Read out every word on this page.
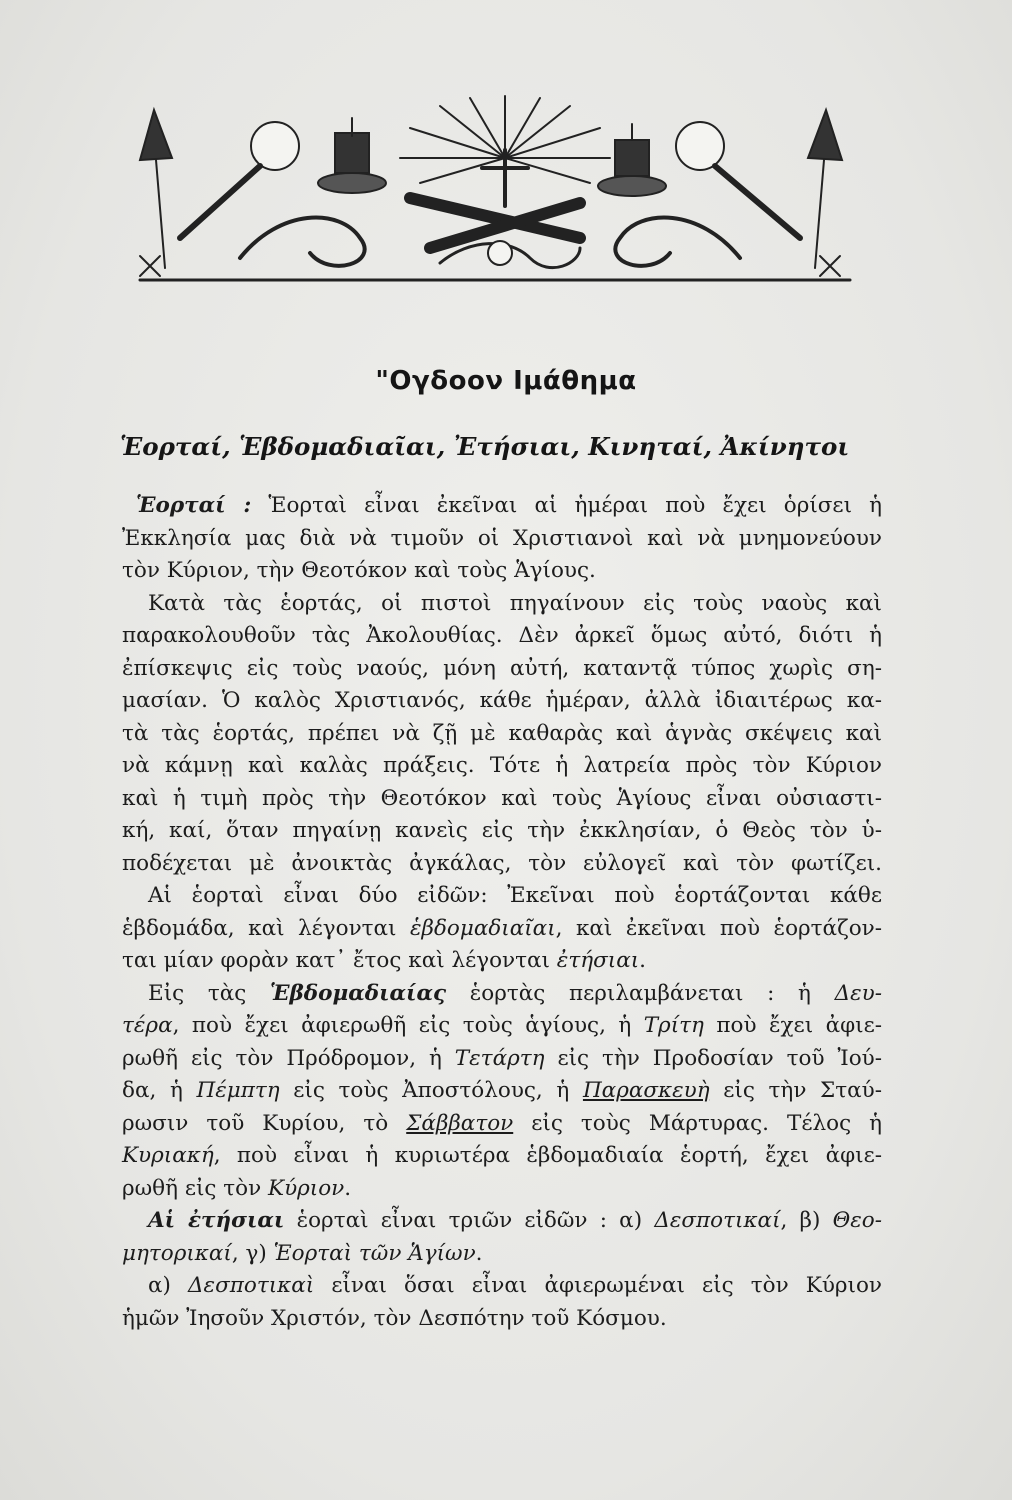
"Ογδοον Ιμάθημα
Ἑορταί, Ἑβδομαδιαῖαι, Ἐτήσιαι, Κινηταί, Ἀκίνητοι
Ἑορταί : Ἑορταὶ εἶναι ἐκεῖναι αἱ ἡμέραι ποὺ ἔχει ὁρίσει ἡ
Ἐκκλησία μας διὰ νὰ τιμοῦν οἱ Χριστιανοὶ καὶ νὰ μνημονεύουν
τὸν Κύριον, τὴν Θεοτόκον καὶ τοὺς Ἁγίους.
Κατὰ τὰς ἑορτάς, οἱ πιστοὶ πηγαίνουν εἰς τοὺς ναοὺς καὶ
παρακολουθοῦν τὰς Ἀκολουθίας. Δὲν ἀρκεῖ ὅμως αὐτό, διότι ἡ
ἐπίσκεψις εἰς τοὺς ναούς, μόνη αὐτή, καταντᾷ τύπος χωρὶς ση-
μασίαν. Ὁ καλὸς Χριστιανός, κάθε ἡμέραν, ἀλλὰ ἰδιαιτέρως κα-
τὰ τὰς ἑορτάς, πρέπει νὰ ζῇ μὲ καθαρὰς καὶ ἁγνὰς σκέψεις καὶ
νὰ κάμνῃ καὶ καλὰς πράξεις. Τότε ἡ λατρεία πρὸς τὸν Κύριον
καὶ ἡ τιμὴ πρὸς τὴν Θεοτόκον καὶ τοὺς Ἁγίους εἶναι οὐσιαστι-
κή, καί, ὅταν πηγαίνῃ κανεὶς εἰς τὴν ἐκκλησίαν, ὁ Θεὸς τὸν ὑ-
ποδέχεται μὲ ἀνοικτὰς ἀγκάλας, τὸν εὐλογεῖ καὶ τὸν φωτίζει.
Αἱ ἑορταὶ εἶναι δύο εἰδῶν: Ἐκεῖναι ποὺ ἑορτάζονται κάθε
ἑβδομάδα, καὶ λέγονται ἑβδομαδιαῖαι, καὶ ἐκεῖναι ποὺ ἑορτάζον-
ται μίαν φορὰν κατ᾿ ἔτος καὶ λέγονται ἐτήσιαι.
Εἰς τὰς Ἑβδομαδιαίας ἑορτὰς περιλαμβάνεται : ἡ Δευ-
τέρα, ποὺ ἔχει ἀφιερωθῆ εἰς τοὺς ἁγίους, ἡ Τρίτη ποὺ ἔχει ἀφιε-
ρωθῆ εἰς τὸν Πρόδρομον, ἡ Τετάρτη εἰς τὴν Προδοσίαν τοῦ Ἰού-
δα, ἡ Πέμπτη εἰς τοὺς Ἀποστόλους, ἡ Παρασκευὴ εἰς τὴν Σταύ-
ρωσιν τοῦ Κυρίου, τὸ Σάββατον εἰς τοὺς Μάρτυρας. Τέλος ἡ
Κυριακή, ποὺ εἶναι ἡ κυριωτέρα ἑβδομαδιαία ἑορτή, ἔχει ἀφιε-
ρωθῆ εἰς τὸν Κύριον.
Αἱ ἐτήσιαι ἑορταὶ εἶναι τριῶν εἰδῶν : α) Δεσποτικαί, β) Θεο-
μητορικαί, γ) Ἑορταὶ τῶν Ἁγίων.
α) Δεσποτικαὶ εἶναι ὅσαι εἶναι ἀφιερωμέναι εἰς τὸν Κύριον
ἡμῶν Ἰησοῦν Χριστόν, τὸν Δεσπότην τοῦ Κόσμου.
